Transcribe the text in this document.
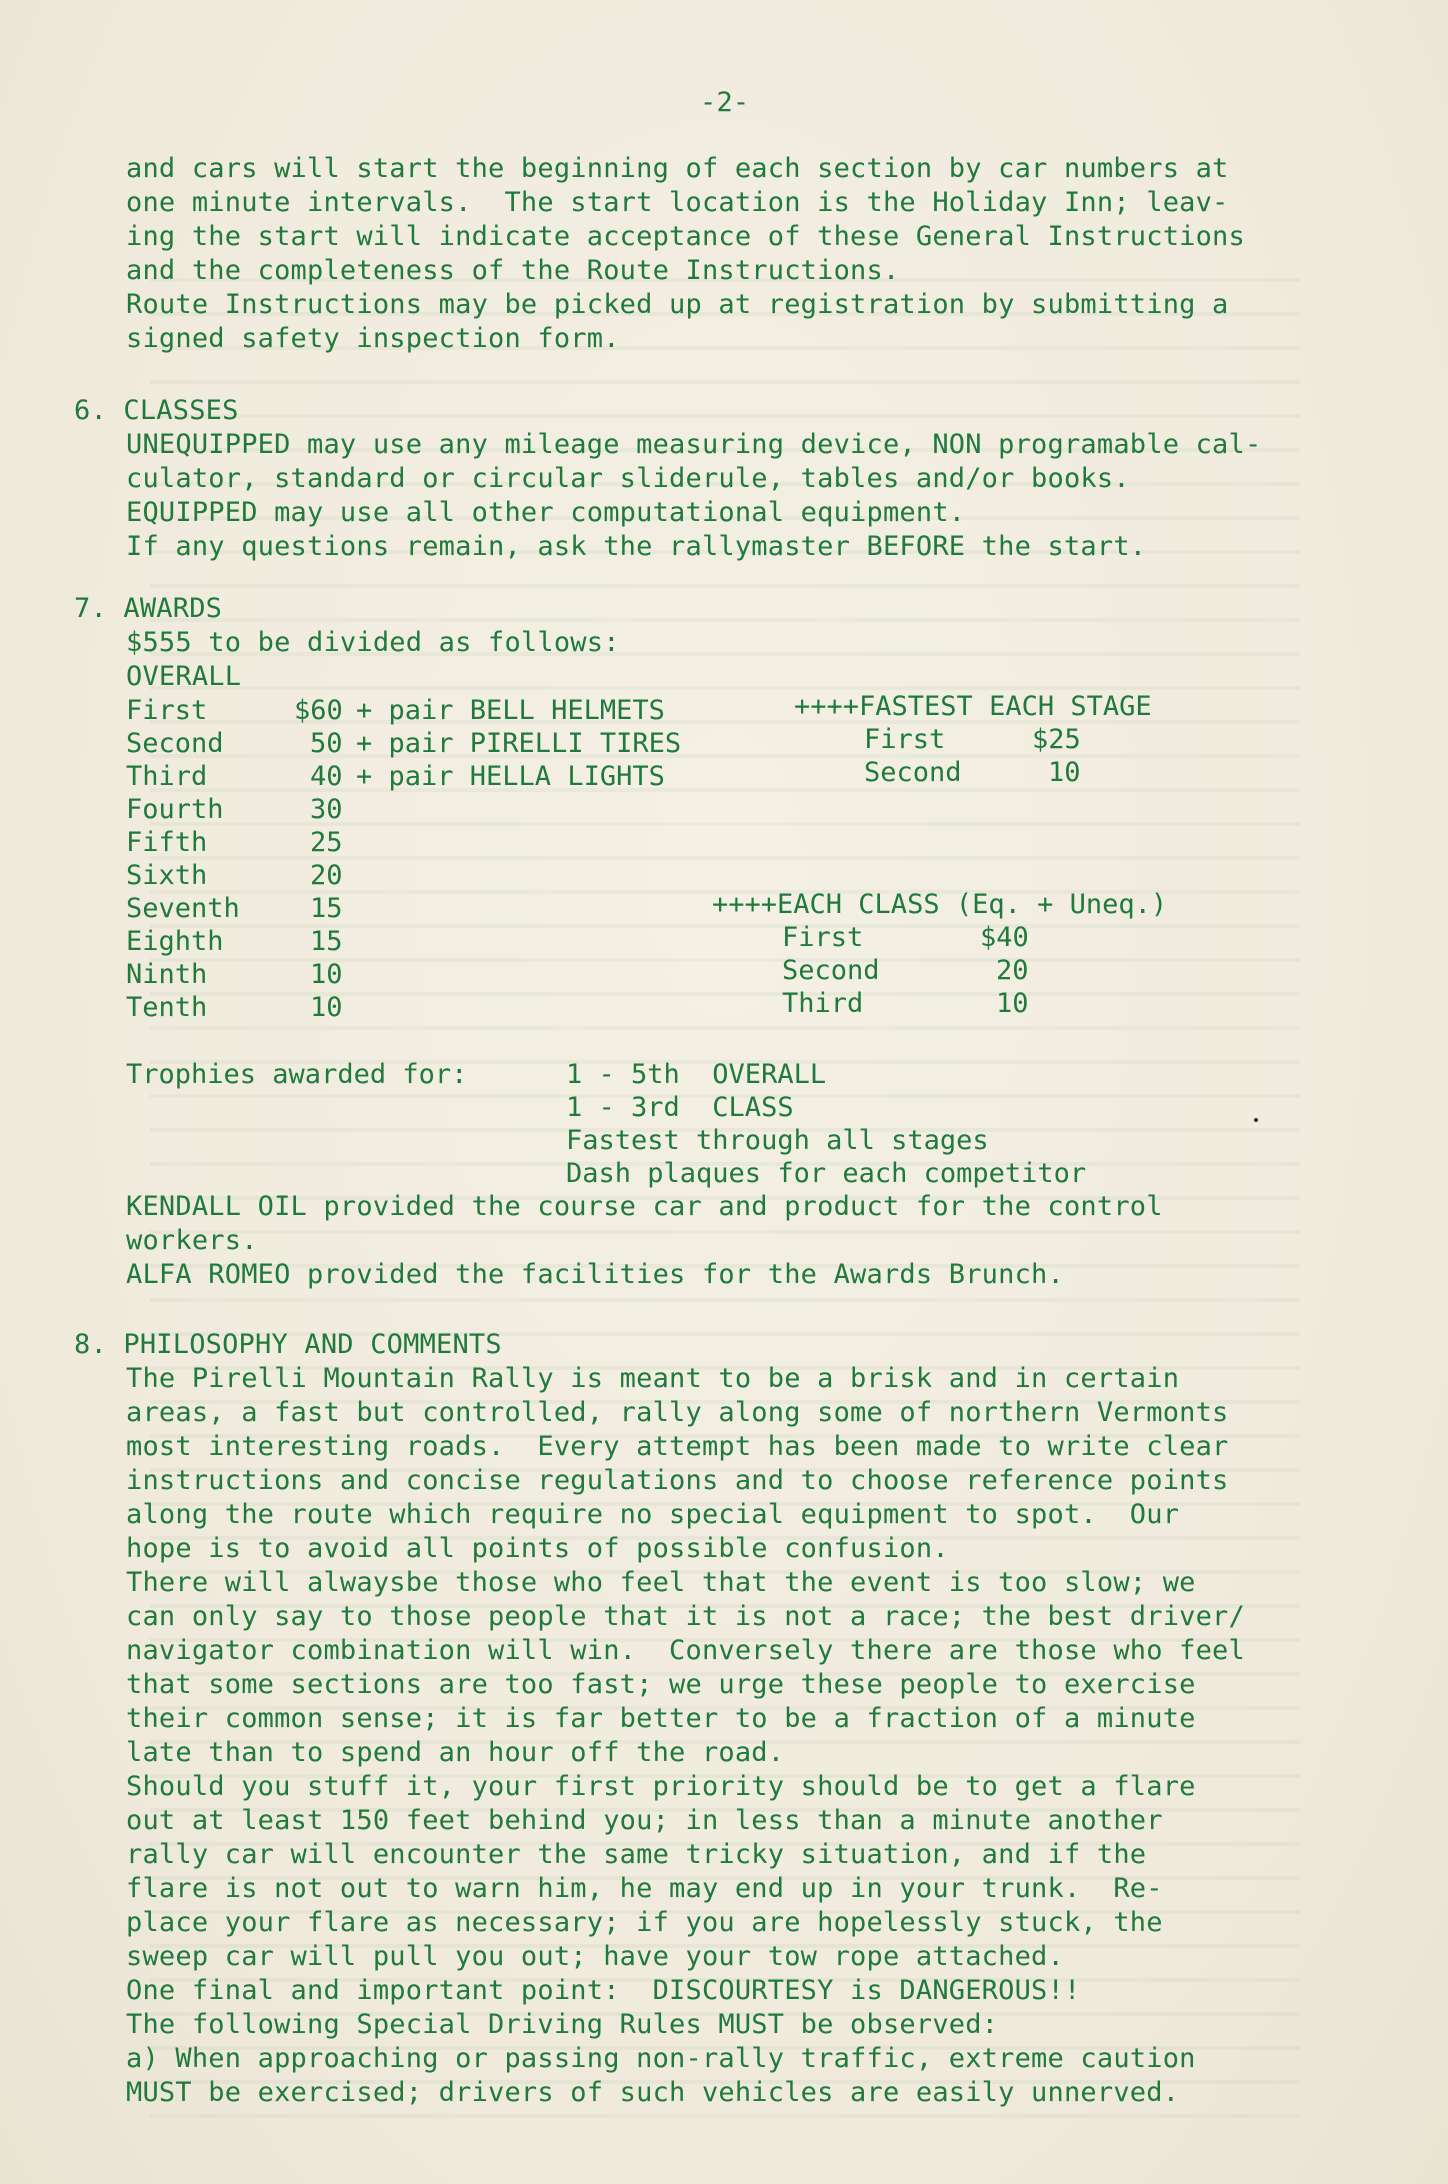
-2-
and cars will start the beginning of each section by car numbers at
one minute intervals.  The start location is the Holiday Inn; leav-
ing the start will indicate acceptance of these General Instructions
and the completeness of the Route Instructions.
Route Instructions may be picked up at registration by submitting a
signed safety inspection form.
6. CLASSES
UNEQUIPPED may use any mileage measuring device, NON programable cal-
culator, standard or circular sliderule, tables and/or books.
EQUIPPED may use all other computational equipment.
If any questions remain, ask the rallymaster BEFORE the start.
7. AWARDS
$555 to be divided as follows:
OVERALL
First	$60 + pair BELL HELMETS
Second	50 + pair PIRELLI TIRES
Third	40 + pair HELLA LIGHTS
Fourth	30
Fifth	25
Sixth	20
Seventh	15
Eighth	15
Ninth	10
Tenth	10
++++FASTEST EACH STAGE
First	$25
Second	10
++++EACH CLASS (Eq. + Uneq.)
First	$40
Second	20
Third	10
Trophies awarded for:	1 - 5th  OVERALL
1 - 3rd  CLASS
Fastest through all stages
Dash plaques for each competitor
KENDALL OIL provided the course car and product for the control
workers.
ALFA ROMEO provided the facilities for the Awards Brunch.
8. PHILOSOPHY AND COMMENTS
The Pirelli Mountain Rally is meant to be a brisk and in certain
areas, a fast but controlled, rally along some of northern Vermonts
most interesting roads.  Every attempt has been made to write clear
instructions and concise regulations and to choose reference points
along the route which require no special equipment to spot.  Our
hope is to avoid all points of possible confusion.
There will alwaysbe those who feel that the event is too slow; we
can only say to those people that it is not a race; the best driver/
navigator combination will win.  Conversely there are those who feel
that some sections are too fast; we urge these people to exercise
their common sense; it is far better to be a fraction of a minute
late than to spend an hour off the road.
Should you stuff it, your first priority should be to get a flare
out at least 150 feet behind you; in less than a minute another
rally car will encounter the same tricky situation, and if the
flare is not out to warn him, he may end up in your trunk.  Re-
place your flare as necessary; if you are hopelessly stuck, the
sweep car will pull you out; have your tow rope attached.
One final and important point:  DISCOURTESY is DANGEROUS!!
The following Special Driving Rules MUST be observed:
a) When approaching or passing non-rally traffic, extreme caution
MUST be exercised; drivers of such vehicles are easily unnerved.
